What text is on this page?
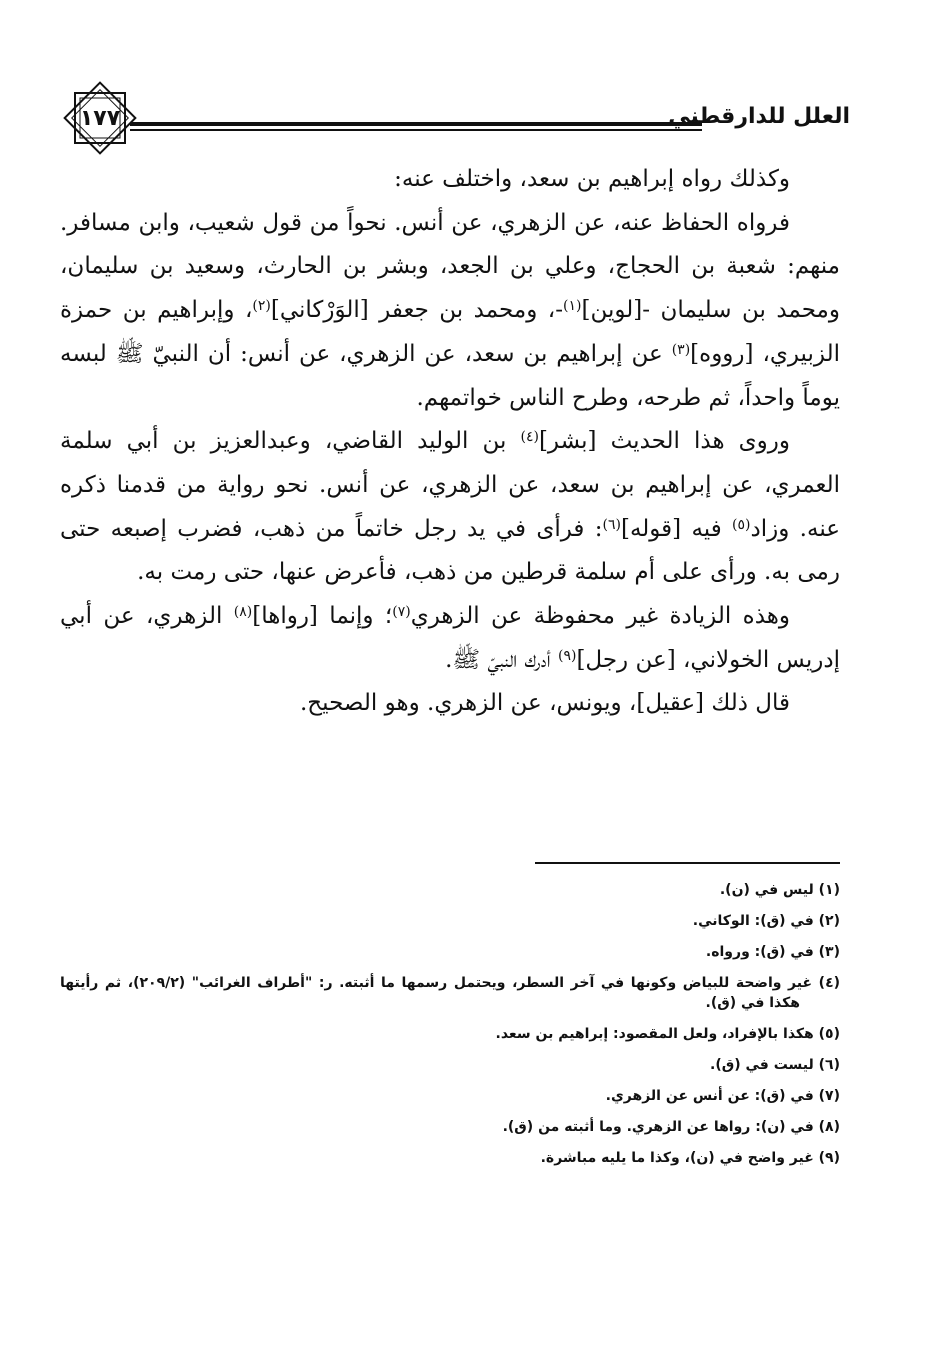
١٧٧	العلل للدارقطني

وكذلك رواه إبراهيم بن سعد، واختلف عنه:

فرواه الحفاظ عنه، عن الزهري، عن أنس. نحواً من قول شعيب، وابن مسافر. منهم: شعبة بن الحجاج، وعلي بن الجعد، وبشر بن الحارث، وسعيد بن سليمان، ومحمد بن سليمان -[لوين]$^{(١)}$-، ومحمد بن جعفر [الوَرْكاني]$^{(٢)}$، وإبراهيم بن حمزة الزبيري، [رووه]$^{(٣)}$ عن إبراهيم بن سعد، عن الزهري، عن أنس: أن النبيّ ﷺ لبسه يوماً واحداً، ثم طرحه، وطرح الناس خواتمهم.

وروى هذا الحديث [بشر]$^{(٤)}$ بن الوليد القاضي، وعبدالعزيز بن أبي سلمة العمري، عن إبراهيم بن سعد، عن الزهري، عن أنس. نحو رواية من قدمنا ذكره عنه. وزاد$^{(٥)}$ فيه [قوله]$^{(٦)}$: فرأى في يد رجل خاتماً من ذهب، فضرب إصبعه حتى رمى به. ورأى على أم سلمة قرطين من ذهب، فأعرض عنها، حتى رمت به.

وهذه الزيادة غير محفوظة عن الزهري$^{(٧)}$؛ وإنما [رواها]$^{(٨)}$ الزهري، عن أبي إدريس الخولاني، [عن رجل]$^{(٩)}$ أدرك النبيّ ﷺ.

قال ذلك [عقيل]، ويونس، عن الزهري. وهو الصحيح.

(١) ليس في (ن).

(٢) في (ق): الوكاني.

(٣) في (ق): ورواه.

(٤) غير واضحة للبياض وكونها في آخر السطر، ويحتمل رسمها ما أثبته. ر: "أطراف الغرائب" (٢٠٩/٢)، ثم رأيتها هكذا في (ق).

(٥) هكذا بالإفراد، ولعل المقصود: إبراهيم بن سعد.

(٦) ليست في (ق).

(٧) في (ق): عن أنس عن الزهري.

(٨) في (ن): رواها عن الزهري. وما أثبته من (ق).

(٩) غير واضح في (ن)، وكذا ما يليه مباشرة.
